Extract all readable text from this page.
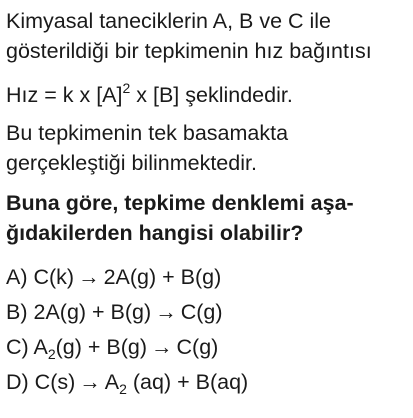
Kimyasal taneciklerin A, B ve C ile
gösterildiği bir tepkimenin hız bağıntısı

Hız = k x $[A]^2$ x [B] şeklindedir.

Bu tepkimenin tek basamakta
gerçekleştiği bilinmektedir.

Buna göre, tepkime denklemi aşa-
ğıdakilerden hangisi olabilir?

A) C(k) → 2A(g) + B(g)
B) 2A(g) + B(g) → C(g)
C) $A_2(g) + B(g) \to C(g)$
D) $C(s) \to A_2$ (aq) + B(aq)
